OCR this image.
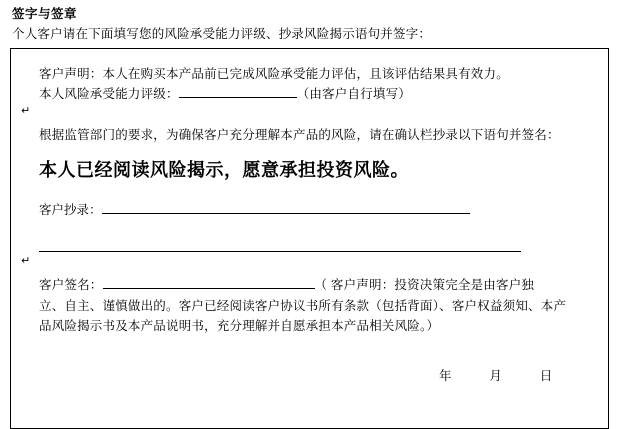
签字与签章
个人客户请在下面填写您的风险承受能力评级、抄录风险揭示语句并签字：
客户声明：本人在购买本产品前已完成风险承受能力评估，且该评估结果具有效力。
本人风险承受能力评级：	（由客户自行填写）
↵
根据监管部门的要求，为确保客户充分理解本产品的风险，请在确认栏抄录以下语句并签名：
本人已经阅读风险揭示，愿意承担投资风险。
客户抄录：
↵
客户签名：	（ 客户声明：投资决策完全是由客户独
立、自主、谨慎做出的。客户已经阅读客户协议书所有条款（包括背面）、客户权益须知、本产
品风险揭示书及本产品说明书，充分理解并自愿承担本产品相关风险。）
年	月	日
